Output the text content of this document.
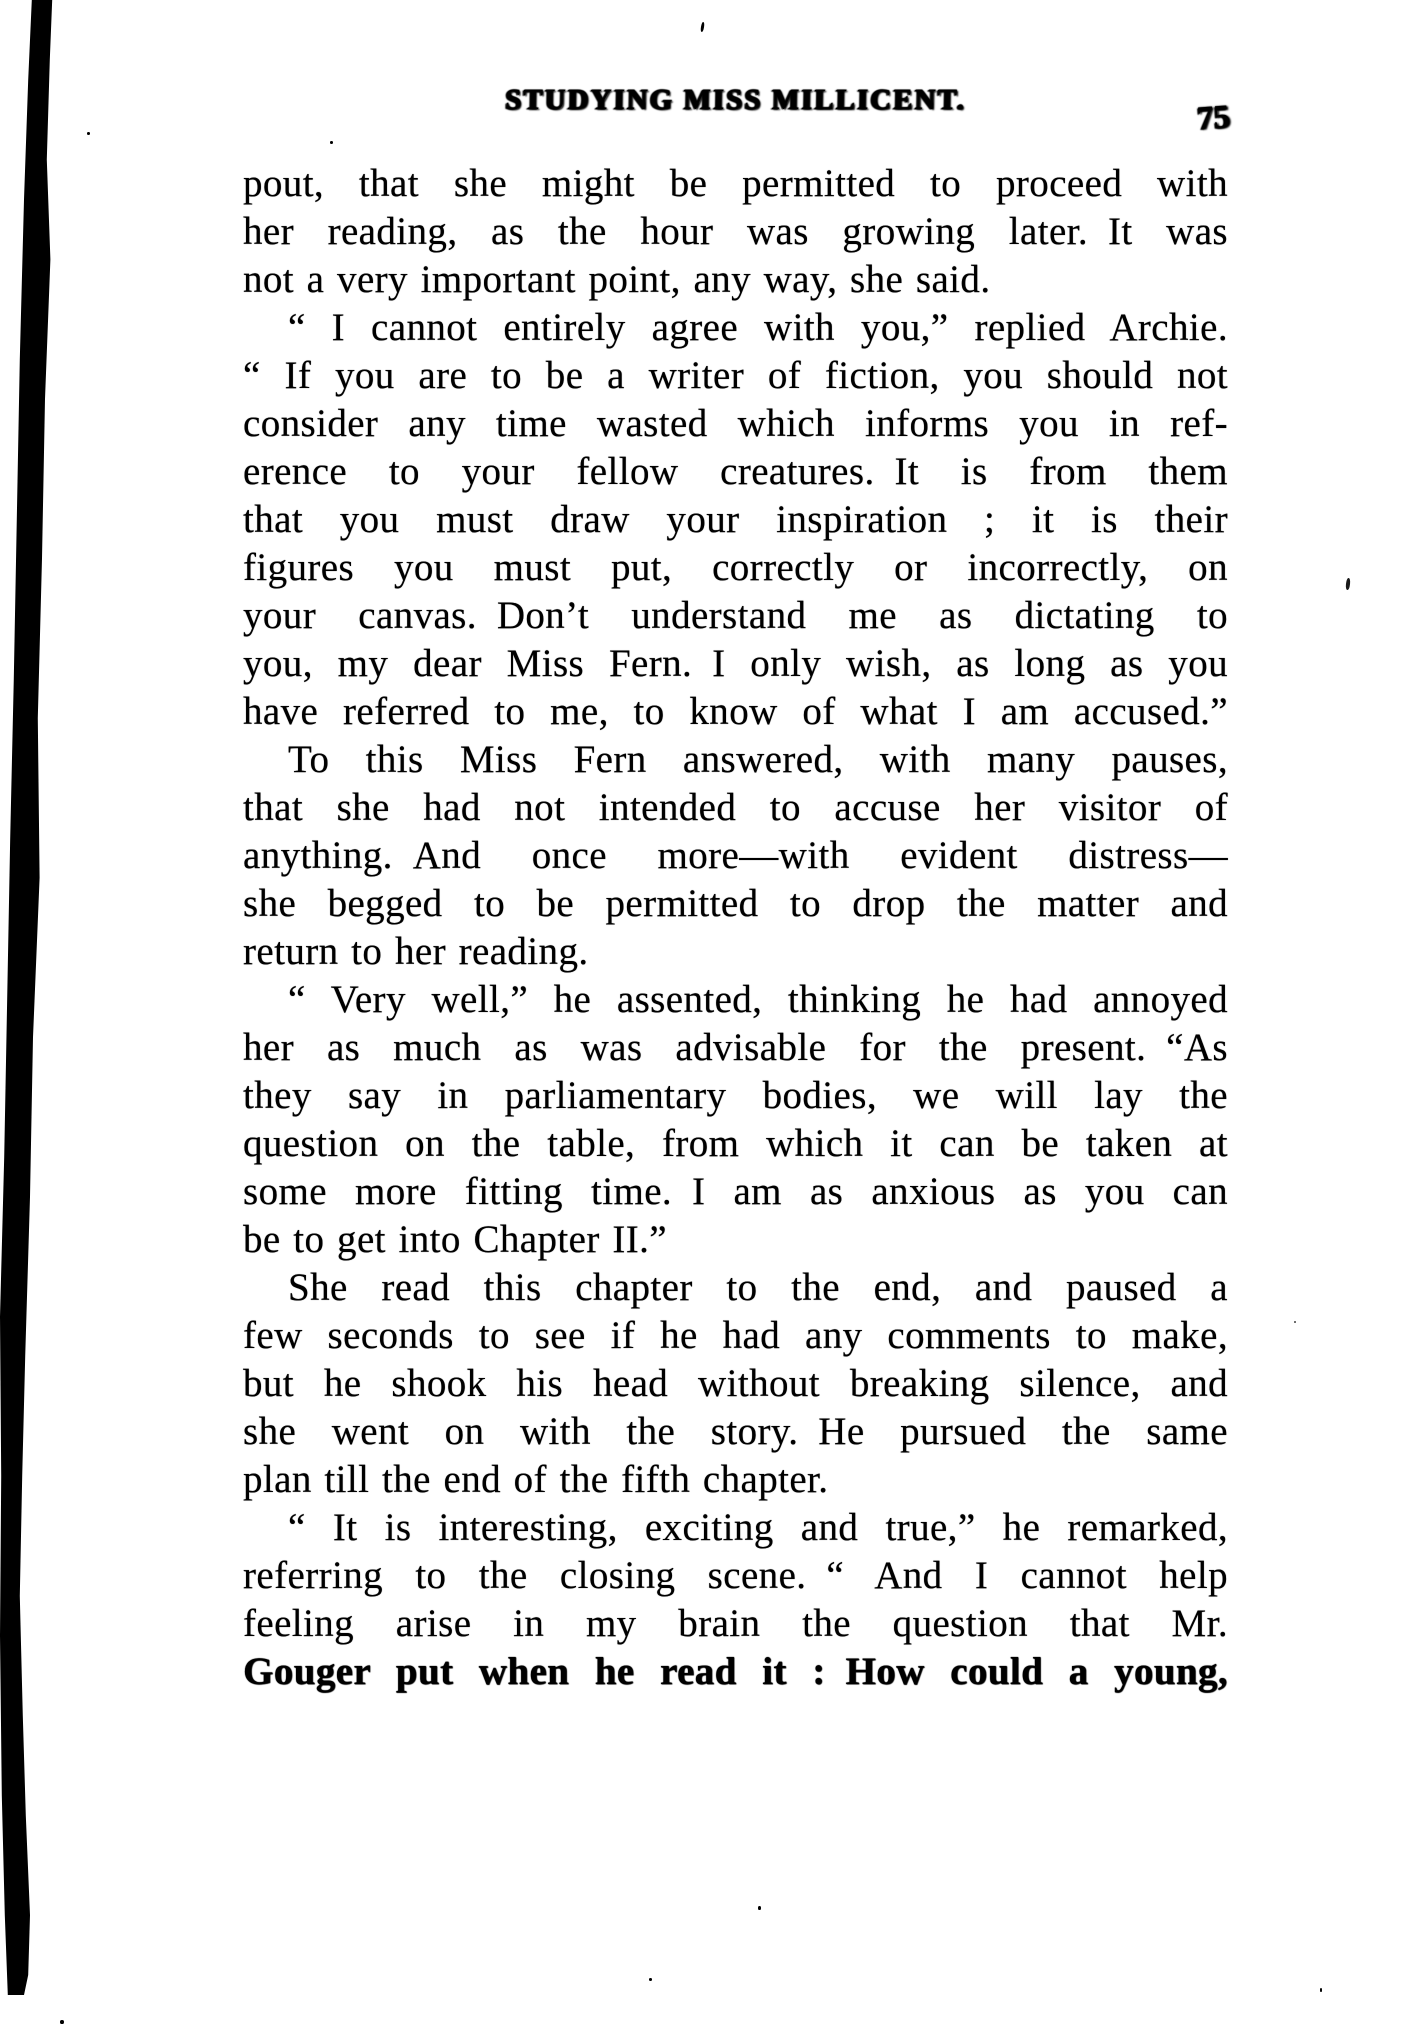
STUDYING MISS MILLICENT.	75
pout, that she might be permitted to proceed with
her reading, as the hour was growing later. It was
not a very important point, any way, she said.
“ I cannot entirely agree with you,” replied Archie.
“ If you are to be a writer of fiction, you should not
consider any time wasted which informs you in ref-
erence to your fellow creatures. It is from them
that you must draw your inspiration ; it is their
figures you must put, correctly or incorrectly, on
your canvas. Don’t understand me as dictating to
you, my dear Miss Fern. I only wish, as long as you
have referred to me, to know of what I am accused.”
To this Miss Fern answered, with many pauses,
that she had not intended to accuse her visitor of
anything. And once more—with evident distress—
she begged to be permitted to drop the matter and
return to her reading.
“ Very well,” he assented, thinking he had annoyed
her as much as was advisable for the present. “As
they say in parliamentary bodies, we will lay the
question on the table, from which it can be taken at
some more fitting time. I am as anxious as you can
be to get into Chapter II.”
She read this chapter to the end, and paused a
few seconds to see if he had any comments to make,
but he shook his head without breaking silence, and
she went on with the story. He pursued the same
plan till the end of the fifth chapter.
“ It is interesting, exciting and true,” he remarked,
referring to the closing scene. “ And I cannot help
feeling arise in my brain the question that Mr.
Gouger put when he read it : How could a young,
